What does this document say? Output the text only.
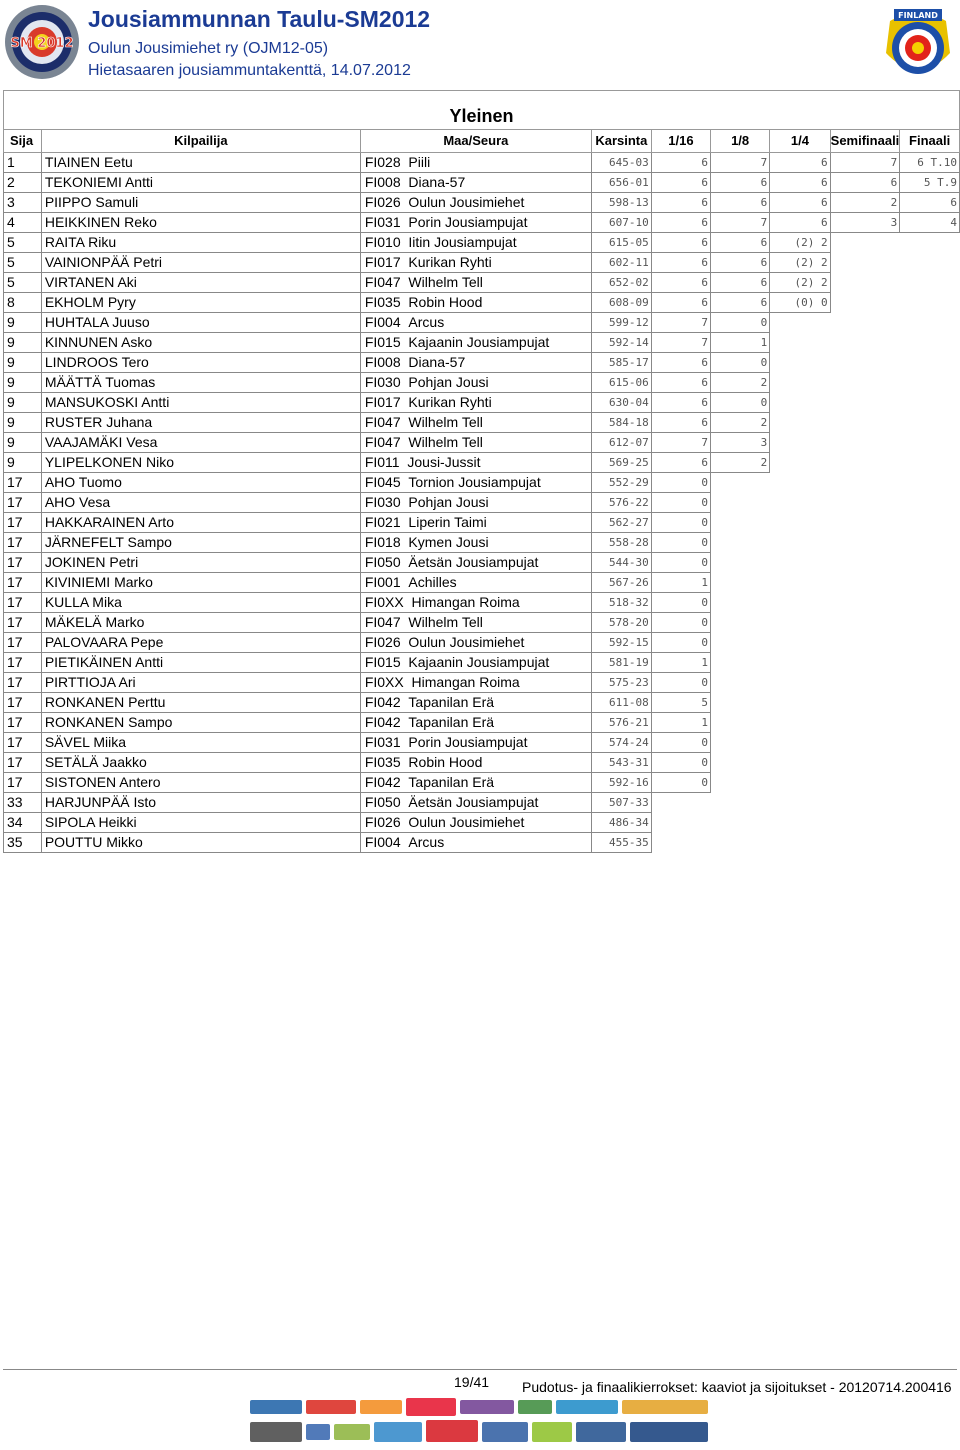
SM 2012
FINLAND
Jousiammunnan Taulu-SM2012
Oulun Jousimiehet ry (OJM12-05)
Hietasaaren jousiammuntakenttä, 14.07.2012
Yleinen								
Sija	Kilpailija	Maa/Seura	Karsinta	1/16	1/8	1/4	Semifinaali	Finaali
1	TIAINEN Eetu	FI028 Piili	645-03	6	7	6	7	6 T.10
2	TEKONIEMI Antti	FI008 Diana-57	656-01	6	6	6	6	5 T.9
3	PIIPPO Samuli	FI026 Oulun Jousimiehet	598-13	6	6	6	2	6
4	HEIKKINEN Reko	FI031 Porin Jousiampujat	607-10	6	7	6	3	4
5	RAITA Riku	FI010 Iitin Jousiampujat	615-05	6	6	(2) 2		
5	VAINIONPÄÄ Petri	FI017 Kurikan Ryhti	602-11	6	6	(2) 2		
5	VIRTANEN Aki	FI047 Wilhelm Tell	652-02	6	6	(2) 2		
8	EKHOLM Pyry	FI035 Robin Hood	608-09	6	6	(0) 0		
9	HUHTALA Juuso	FI004 Arcus	599-12	7	0			
9	KINNUNEN Asko	FI015 Kajaanin Jousiampujat	592-14	7	1			
9	LINDROOS Tero	FI008 Diana-57	585-17	6	0			
9	MÄÄTTÄ Tuomas	FI030 Pohjan Jousi	615-06	6	2			
9	MANSUKOSKI Antti	FI017 Kurikan Ryhti	630-04	6	0			
9	RUSTER Juhana	FI047 Wilhelm Tell	584-18	6	2			
9	VAAJAMÄKI Vesa	FI047 Wilhelm Tell	612-07	7	3			
9	YLIPELKONEN Niko	FI011 Jousi-Jussit	569-25	6	2			
17	AHO Tuomo	FI045 Tornion Jousiampujat	552-29	0				
17	AHO Vesa	FI030 Pohjan Jousi	576-22	0				
17	HAKKARAINEN Arto	FI021 Liperin Taimi	562-27	0				
17	JÄRNEFELT Sampo	FI018 Kymen Jousi	558-28	0				
17	JOKINEN Petri	FI050 Äetsän Jousiampujat	544-30	0				
17	KIVINIEMI Marko	FI001 Achilles	567-26	1				
17	KULLA Mika	FI0XX Himangan Roima	518-32	0				
17	MÄKELÄ Marko	FI047 Wilhelm Tell	578-20	0				
17	PALOVAARA Pepe	FI026 Oulun Jousimiehet	592-15	0				
17	PIETIKÄINEN Antti	FI015 Kajaanin Jousiampujat	581-19	1				
17	PIRTTIOJA Ari	FI0XX Himangan Roima	575-23	0				
17	RONKANEN Perttu	FI042 Tapanilan Erä	611-08	5				
17	RONKANEN Sampo	FI042 Tapanilan Erä	576-21	1				
17	SÄVEL Miika	FI031 Porin Jousiampujat	574-24	0				
17	SETÄLÄ Jaakko	FI035 Robin Hood	543-31	0				
17	SISTONEN Antero	FI042 Tapanilan Erä	592-16	0				
33	HARJUNPÄÄ Isto	FI050 Äetsän Jousiampujat	507-33					
34	SIPOLA Heikki	FI026 Oulun Jousimiehet	486-34					
35	POUTTU Mikko	FI004 Arcus	455-35					
19/41 Pudotus- ja finaalikierrokset: kaaviot ja sijoitukset - 20120714.200416
